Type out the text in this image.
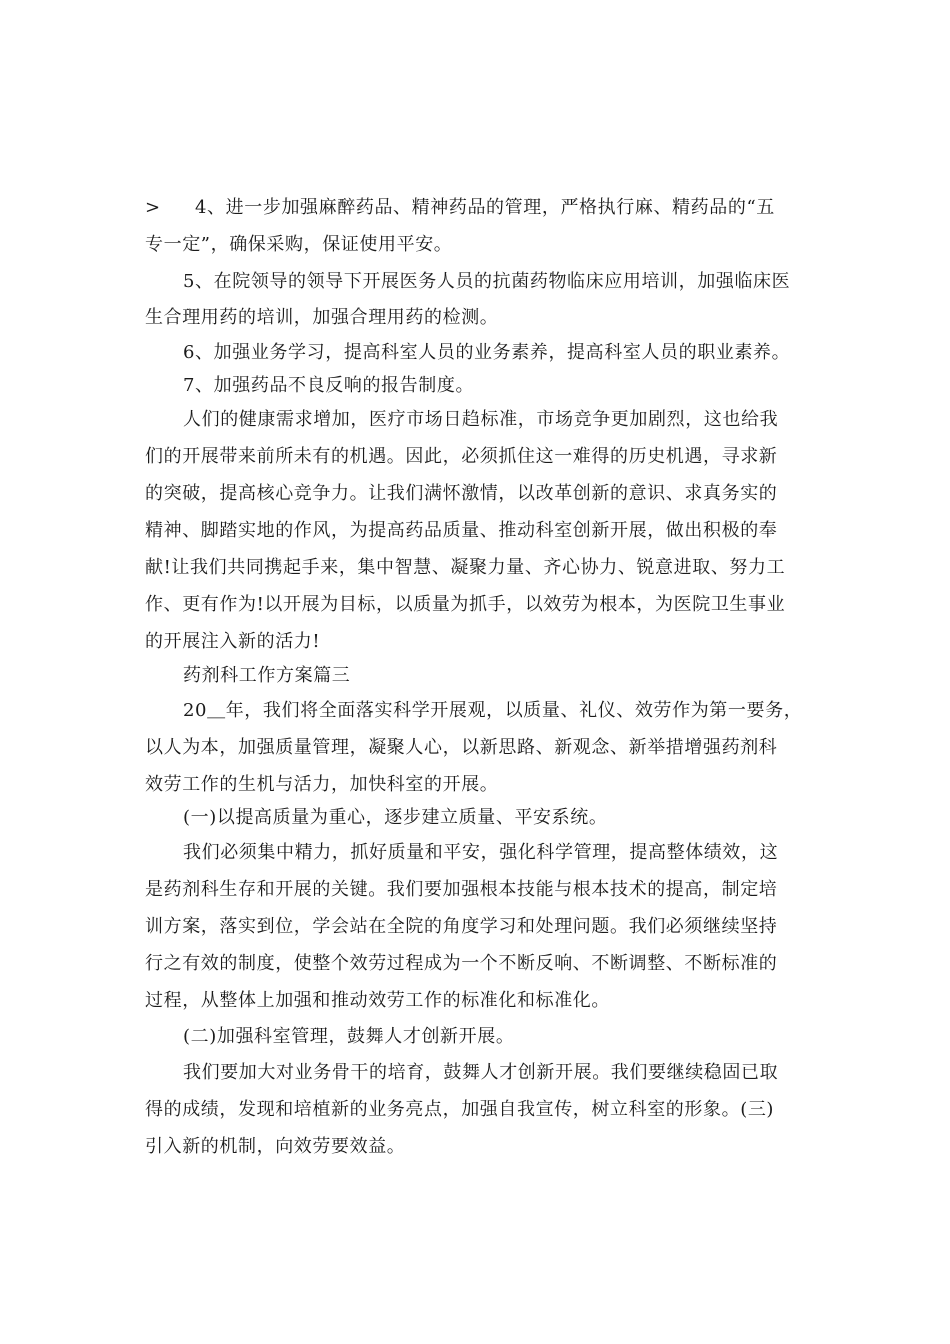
> 4、进一步加强麻醉药品、精神药品的管理，严格执行麻、精药品的“五
专一定”，确保采购，保证使用平安。
5、在院领导的领导下开展医务人员的抗菌药物临床应用培训，加强临床医
生合理用药的培训，加强合理用药的检测。
6、加强业务学习，提高科室人员的业务素养，提高科室人员的职业素养。
7、加强药品不良反响的报告制度。
人们的健康需求增加，医疗市场日趋标准，市场竞争更加剧烈，这也给我
们的开展带来前所未有的机遇。因此，必须抓住这一难得的历史机遇，寻求新
的突破，提高核心竞争力。让我们满怀激情，以改革创新的意识、求真务实的
精神、脚踏实地的作风，为提高药品质量、推动科室创新开展，做出积极的奉
献!让我们共同携起手来，集中智慧、凝聚力量、齐心协力、锐意进取、努力工
作、更有作为!以开展为目标，以质量为抓手，以效劳为根本，为医院卫生事业
的开展注入新的活力!
药剂科工作方案篇三
20＿年，我们将全面落实科学开展观，以质量、礼仪、效劳作为第一要务，
以人为本，加强质量管理，凝聚人心，以新思路、新观念、新举措增强药剂科
效劳工作的生机与活力，加快科室的开展。
(一)以提高质量为重心，逐步建立质量、平安系统。
我们必须集中精力，抓好质量和平安，强化科学管理，提高整体绩效，这
是药剂科生存和开展的关键。我们要加强根本技能与根本技术的提高，制定培
训方案，落实到位，学会站在全院的角度学习和处理问题。我们必须继续坚持
行之有效的制度，使整个效劳过程成为一个不断反响、不断调整、不断标准的
过程，从整体上加强和推动效劳工作的标准化和标准化。
(二)加强科室管理，鼓舞人才创新开展。
我们要加大对业务骨干的培育，鼓舞人才创新开展。我们要继续稳固已取
得的成绩，发现和培植新的业务亮点，加强自我宣传，树立科室的形象。(三)
引入新的机制，向效劳要效益。
